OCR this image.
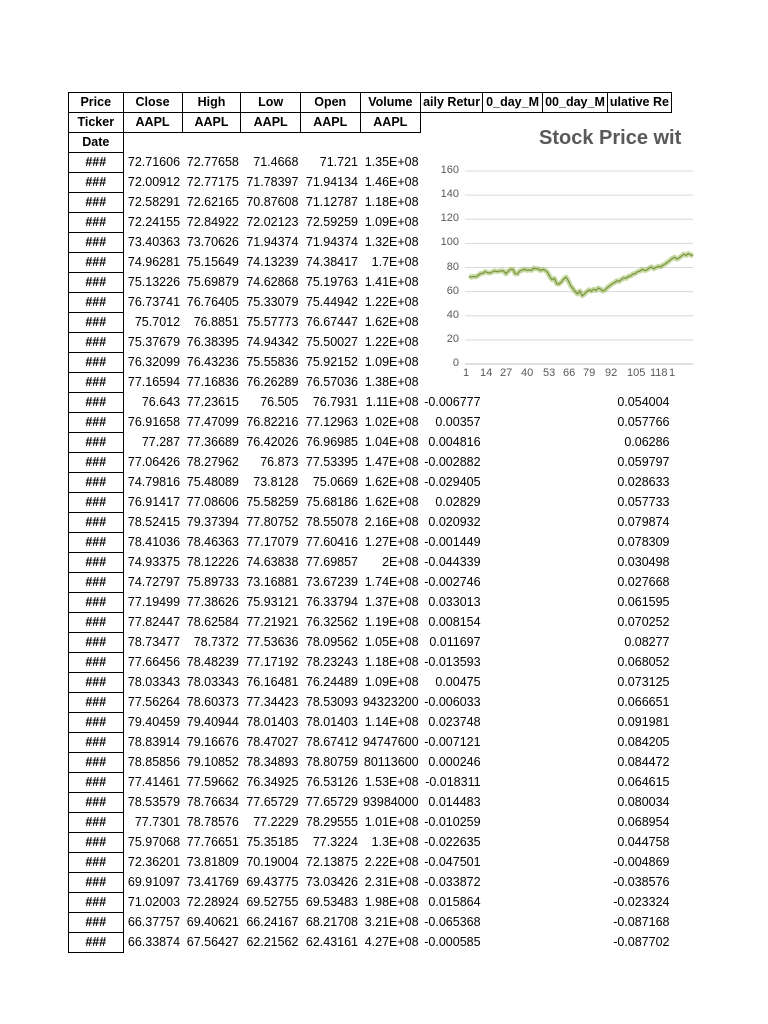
Price	Close	High	Low	Open	Volume	aily Retur	0_day_M	00_day_M	ulative Re
Ticker	AAPL	AAPL	AAPL	AAPL	AAPL				
Date									
###	72.71606	72.77658	71.4668	71.721	1.35E+08				
###	72.00912	72.77175	71.78397	71.94134	1.46E+08				
###	72.58291	72.62165	70.87608	71.12787	1.18E+08				
###	72.24155	72.84922	72.02123	72.59259	1.09E+08				
###	73.40363	73.70626	71.94374	71.94374	1.32E+08				
###	74.96281	75.15649	74.13239	74.38417	1.7E+08				
###	75.13226	75.69879	74.62868	75.19763	1.41E+08				
###	76.73741	76.76405	75.33079	75.44942	1.22E+08				
###	75.7012	76.8851	75.57773	76.67447	1.62E+08				
###	75.37679	76.38395	74.94342	75.50027	1.22E+08				
###	76.32099	76.43236	75.55836	75.92152	1.09E+08				
###	77.16594	77.16836	76.26289	76.57036	1.38E+08				
###	76.643	77.23615	76.505	76.7931	1.11E+08	-0.006777			0.054004
###	76.91658	77.47099	76.82216	77.12963	1.02E+08	0.00357			0.057766
###	77.287	77.36689	76.42026	76.96985	1.04E+08	0.004816			0.06286
###	77.06426	78.27962	76.873	77.53395	1.47E+08	-0.002882			0.059797
###	74.79816	75.48089	73.8128	75.0669	1.62E+08	-0.029405			0.028633
###	76.91417	77.08606	75.58259	75.68186	1.62E+08	0.02829			0.057733
###	78.52415	79.37394	77.80752	78.55078	2.16E+08	0.020932			0.079874
###	78.41036	78.46363	77.17079	77.60416	1.27E+08	-0.001449			0.078309
###	74.93375	78.12226	74.63838	77.69857	2E+08	-0.044339			0.030498
###	74.72797	75.89733	73.16881	73.67239	1.74E+08	-0.002746			0.027668
###	77.19499	77.38626	75.93121	76.33794	1.37E+08	0.033013			0.061595
###	77.82447	78.62584	77.21921	76.32562	1.19E+08	0.008154			0.070252
###	78.73477	78.7372	77.53636	78.09562	1.05E+08	0.011697			0.08277
###	77.66456	78.48239	77.17192	78.23243	1.18E+08	-0.013593			0.068052
###	78.03343	78.03343	76.16481	76.24489	1.09E+08	0.00475			0.073125
###	77.56264	78.60373	77.34423	78.53093	94323200	-0.006033			0.066651
###	79.40459	79.40944	78.01403	78.01403	1.14E+08	0.023748			0.091981
###	78.83914	79.16676	78.47027	78.67412	94747600	-0.007121			0.084205
###	78.85856	79.10852	78.34893	78.80759	80113600	0.000246			0.084472
###	77.41461	77.59662	76.34925	76.53126	1.53E+08	-0.018311			0.064615
###	78.53579	78.76634	77.65729	77.65729	93984000	0.014483			0.080034
###	77.7301	78.78576	77.2229	78.29555	1.01E+08	-0.010259			0.068954
###	75.97068	77.76651	75.35185	77.3224	1.3E+08	-0.022635			0.044758
###	72.36201	73.81809	70.19004	72.13875	2.22E+08	-0.047501			-0.004869
###	69.91097	73.41769	69.43775	73.03426	2.31E+08	-0.033872			-0.038576
###	71.02003	72.28924	69.52755	69.53483	1.98E+08	0.015864			-0.023324
###	66.37757	69.40621	66.24167	68.21708	3.21E+08	-0.065368			-0.087168
###	66.33874	67.56427	62.21562	62.43161	4.27E+08	-0.000585			-0.087702
Stock Price wit
0
20
40
60
80
100
120
140
160
1 14 27 40 53 66 79 92 105 118 1
